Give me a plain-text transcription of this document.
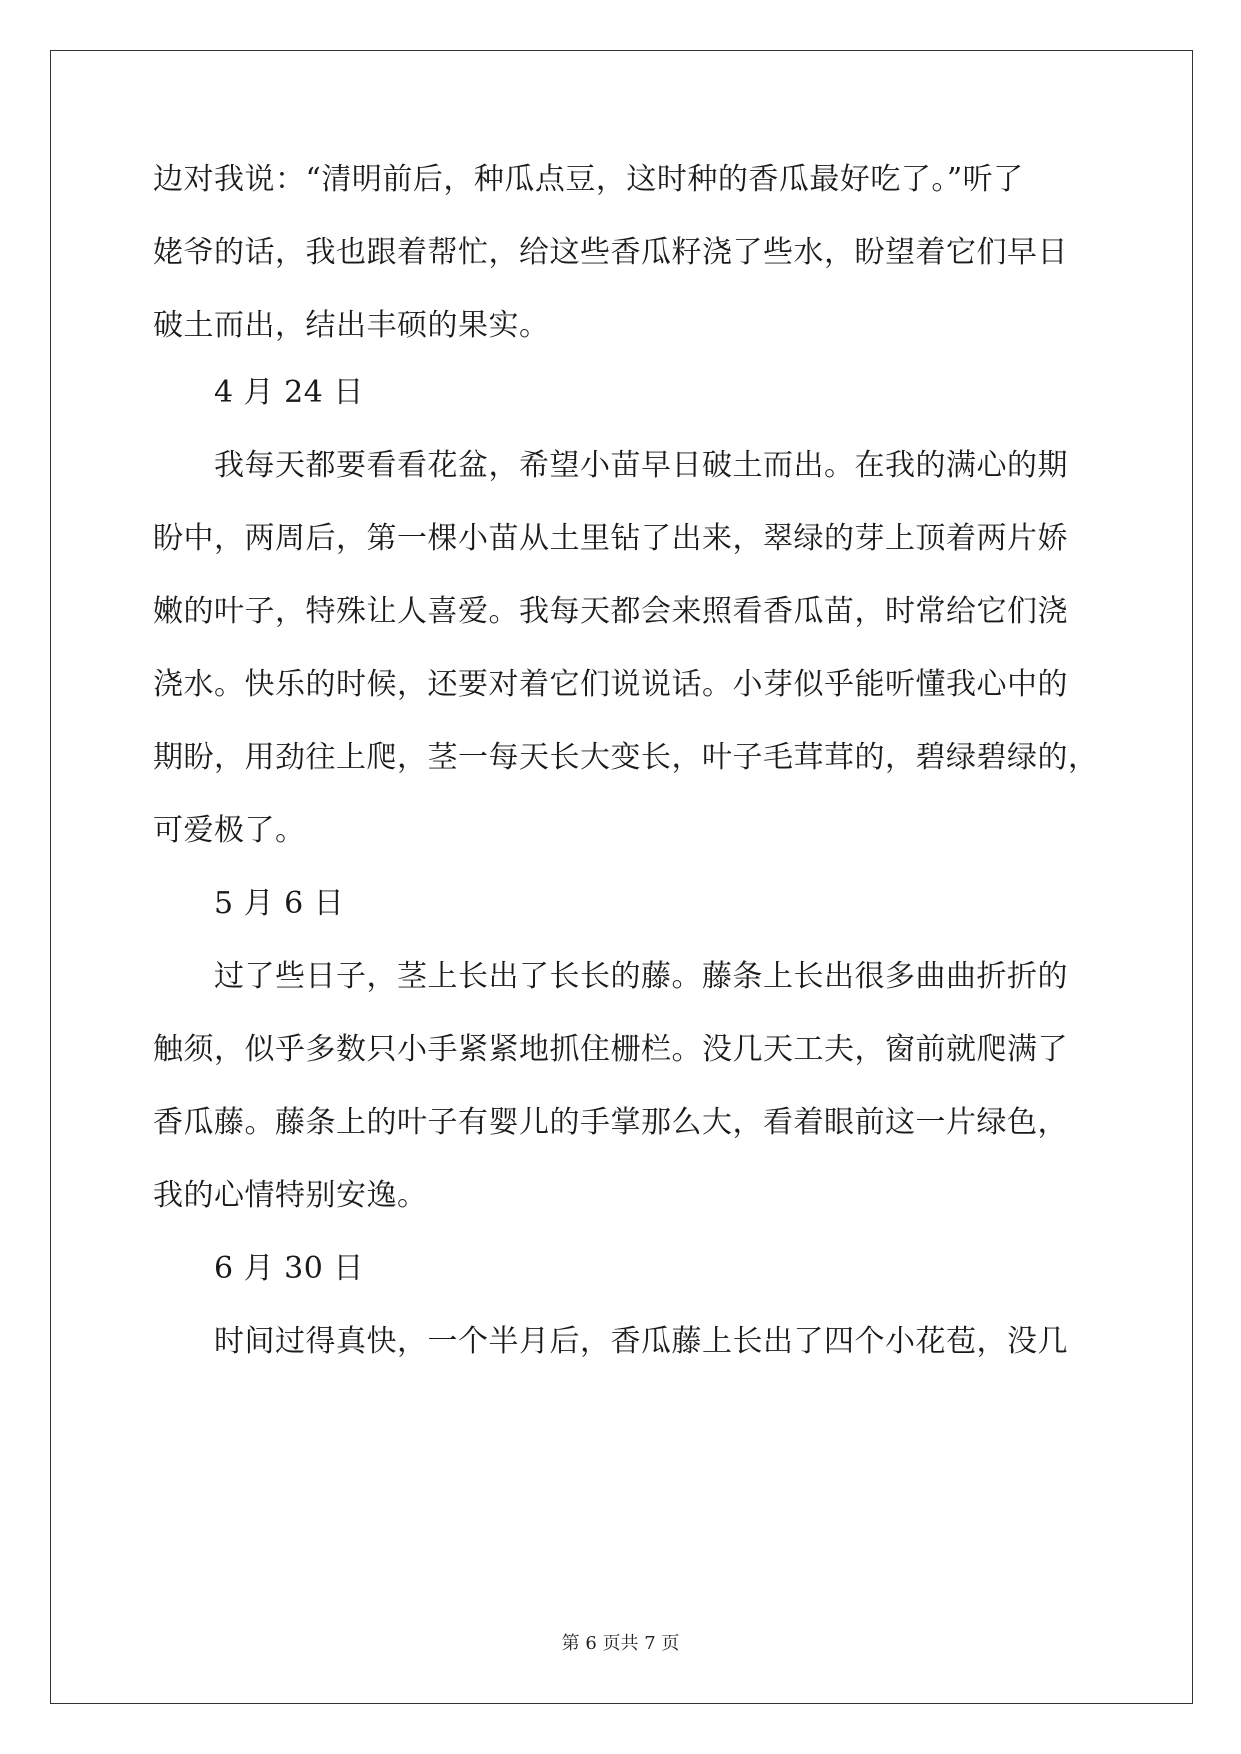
边对我说：“清明前后，种瓜点豆，这时种的香瓜最好吃了。”听了
姥爷的话，我也跟着帮忙，给这些香瓜籽浇了些水，盼望着它们早日
破土而出，结出丰硕的果实。
4 月 24 日
我每天都要看看花盆，希望小苗早日破土而出。在我的满心的期
盼中，两周后，第一棵小苗从土里钻了出来，翠绿的芽上顶着两片娇
嫩的叶子，特殊让人喜爱。我每天都会来照看香瓜苗，时常给它们浇
浇水。快乐的时候，还要对着它们说说话。小芽似乎能听懂我心中的
期盼，用劲往上爬，茎一每天长大变长，叶子毛茸茸的，碧绿碧绿的，
可爱极了。
5 月 6 日
过了些日子，茎上长出了长长的藤。藤条上长出很多曲曲折折的
触须，似乎多数只小手紧紧地抓住栅栏。没几天工夫，窗前就爬满了
香瓜藤。藤条上的叶子有婴儿的手掌那么大，看着眼前这一片绿色，
我的心情特别安逸。
6 月 30 日
时间过得真快，一个半月后，香瓜藤上长出了四个小花苞，没几
第 6 页共 7 页
